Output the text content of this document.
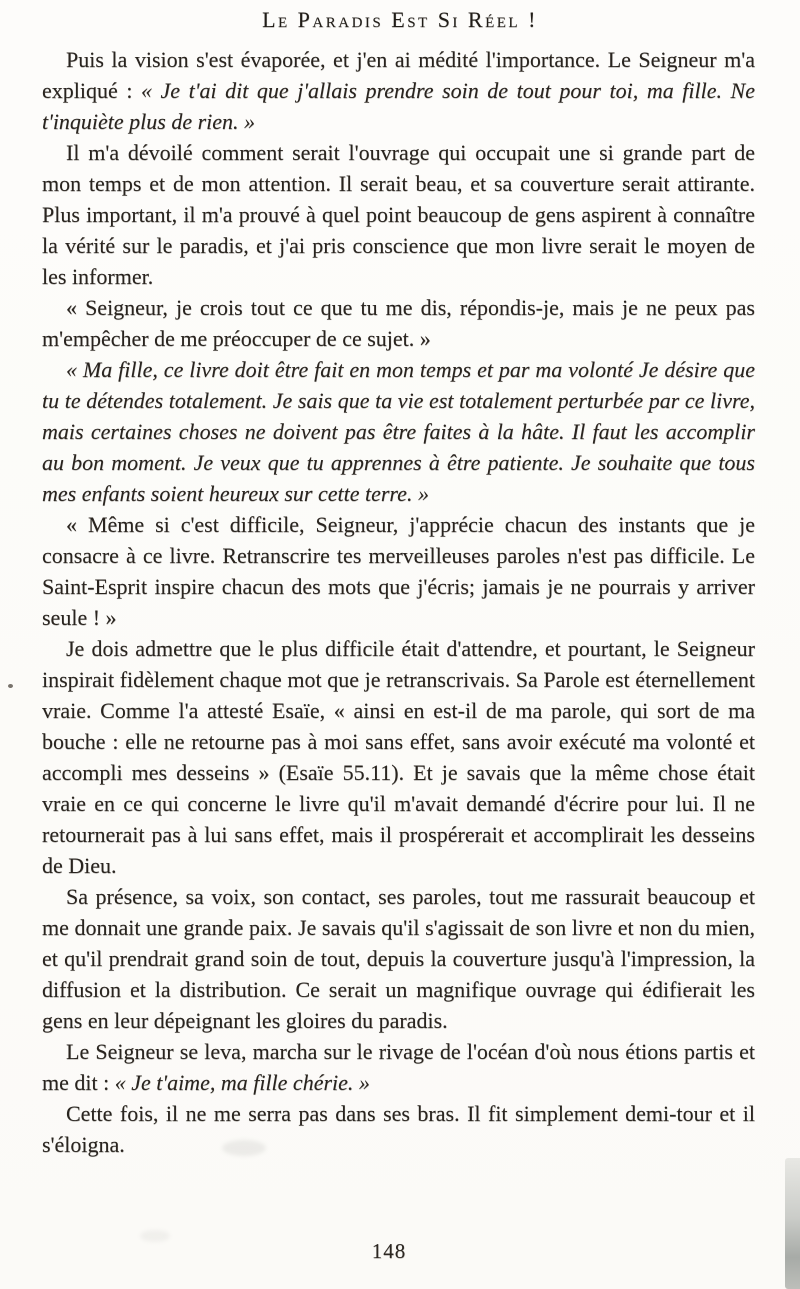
Le Paradis Est Si Réel !

Puis la vision s'est évaporée, et j'en ai médité l'importance. Le Seigneur m'a expliqué : « Je t'ai dit que j'allais prendre soin de tout pour toi, ma fille. Ne t'inquiète plus de rien. »

Il m'a dévoilé comment serait l'ouvrage qui occupait une si grande part de mon temps et de mon attention. Il serait beau, et sa couverture serait attirante. Plus important, il m'a prouvé à quel point beaucoup de gens aspirent à connaître la vérité sur le paradis, et j'ai pris conscience que mon livre serait le moyen de les informer.

« Seigneur, je crois tout ce que tu me dis, répondis-je, mais je ne peux pas m'empêcher de me préoccuper de ce sujet. »

« Ma fille, ce livre doit être fait en mon temps et par ma volonté Je désire que tu te détendes totalement. Je sais que ta vie est totalement perturbée par ce livre, mais certaines choses ne doivent pas être faites à la hâte. Il faut les accomplir au bon moment. Je veux que tu apprennes à être patiente. Je souhaite que tous mes enfants soient heureux sur cette terre. »

« Même si c'est difficile, Seigneur, j'apprécie chacun des instants que je consacre à ce livre. Retranscrire tes merveilleuses paroles n'est pas difficile. Le Saint-Esprit inspire chacun des mots que j'écris; jamais je ne pourrais y arriver seule ! »

Je dois admettre que le plus difficile était d'attendre, et pourtant, le Seigneur inspirait fidèlement chaque mot que je retranscrivais. Sa Parole est éternellement vraie. Comme l'a attesté Esaïe, « ainsi en est-il de ma parole, qui sort de ma bouche : elle ne retourne pas à moi sans effet, sans avoir exécuté ma volonté et accompli mes desseins » (Esaïe 55.11). Et je savais que la même chose était vraie en ce qui concerne le livre qu'il m'avait demandé d'écrire pour lui. Il ne retournerait pas à lui sans effet, mais il prospérerait et accomplirait les desseins de Dieu.

Sa présence, sa voix, son contact, ses paroles, tout me rassurait beaucoup et me donnait une grande paix. Je savais qu'il s'agissait de son livre et non du mien, et qu'il prendrait grand soin de tout, depuis la couverture jusqu'à l'impression, la diffusion et la distribution. Ce serait un magnifique ouvrage qui édifierait les gens en leur dépeignant les gloires du paradis.

Le Seigneur se leva, marcha sur le rivage de l'océan d'où nous étions partis et me dit : « Je t'aime, ma fille chérie. »

Cette fois, il ne me serra pas dans ses bras. Il fit simplement demi-tour et il s'éloigna.

148
